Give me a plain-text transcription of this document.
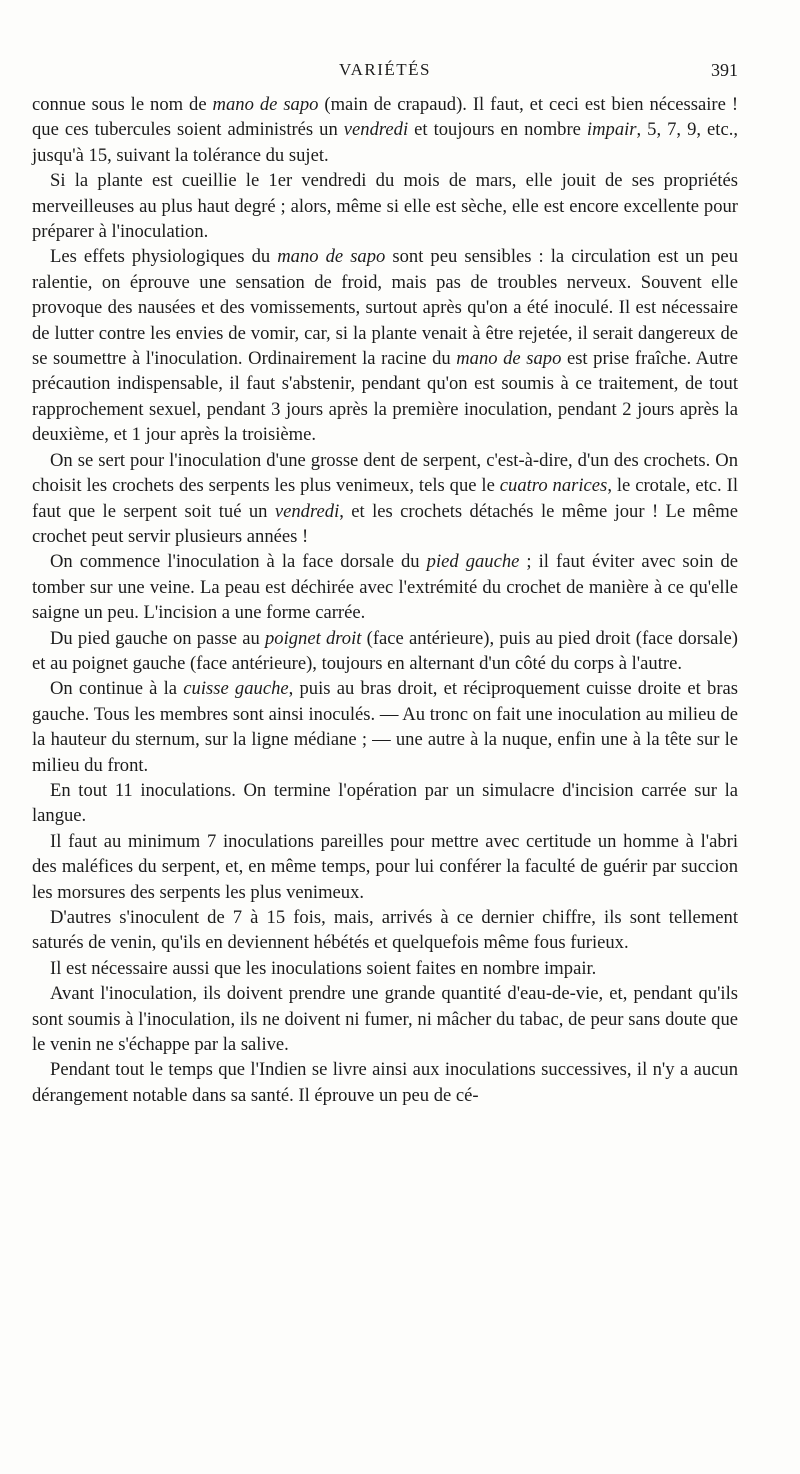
VARIÉTÉS	391

connue sous le nom de mano de sapo (main de crapaud). Il faut, et ceci est bien nécessaire ! que ces tubercules soient administrés un vendredi et toujours en nombre impair, 5, 7, 9, etc., jusqu'à 15, suivant la tolérance du sujet.

Si la plante est cueillie le 1er vendredi du mois de mars, elle jouit de ses propriétés merveilleuses au plus haut degré ; alors, même si elle est sèche, elle est encore excellente pour préparer à l'inoculation.

Les effets physiologiques du mano de sapo sont peu sensibles : la circulation est un peu ralentie, on éprouve une sensation de froid, mais pas de troubles nerveux. Souvent elle provoque des nausées et des vomissements, surtout après qu'on a été inoculé. Il est nécessaire de lutter contre les envies de vomir, car, si la plante venait à être rejetée, il serait dangereux de se soumettre à l'inoculation. Ordinairement la racine du mano de sapo est prise fraîche. Autre précaution indispensable, il faut s'abstenir, pendant qu'on est soumis à ce traitement, de tout rapprochement sexuel, pendant 3 jours après la première inoculation, pendant 2 jours après la deuxième, et 1 jour après la troisième.

On se sert pour l'inoculation d'une grosse dent de serpent, c'est-à-dire, d'un des crochets. On choisit les crochets des serpents les plus venimeux, tels que le cuatro narices, le crotale, etc. Il faut que le serpent soit tué un vendredi, et les crochets détachés le même jour ! Le même crochet peut servir plusieurs années !

On commence l'inoculation à la face dorsale du pied gauche ; il faut éviter avec soin de tomber sur une veine. La peau est déchirée avec l'extrémité du crochet de manière à ce qu'elle saigne un peu. L'incision a une forme carrée.

Du pied gauche on passe au poignet droit (face antérieure), puis au pied droit (face dorsale) et au poignet gauche (face antérieure), toujours en alternant d'un côté du corps à l'autre.

On continue à la cuisse gauche, puis au bras droit, et réciproquement cuisse droite et bras gauche. Tous les membres sont ainsi inoculés. — Au tronc on fait une inoculation au milieu de la hauteur du sternum, sur la ligne médiane ; — une autre à la nuque, enfin une à la tête sur le milieu du front.

En tout 11 inoculations. On termine l'opération par un simulacre d'incision carrée sur la langue.

Il faut au minimum 7 inoculations pareilles pour mettre avec certitude un homme à l'abri des maléfices du serpent, et, en même temps, pour lui conférer la faculté de guérir par succion les morsures des serpents les plus venimeux.

D'autres s'inoculent de 7 à 15 fois, mais, arrivés à ce dernier chiffre, ils sont tellement saturés de venin, qu'ils en deviennent hébétés et quelquefois même fous furieux.

Il est nécessaire aussi que les inoculations soient faites en nombre impair.

Avant l'inoculation, ils doivent prendre une grande quantité d'eau-de-vie, et, pendant qu'ils sont soumis à l'inoculation, ils ne doivent ni fumer, ni mâcher du tabac, de peur sans doute que le venin ne s'échappe par la salive.

Pendant tout le temps que l'Indien se livre ainsi aux inoculations successives, il n'y a aucun dérangement notable dans sa santé. Il éprouve un peu de cé-
